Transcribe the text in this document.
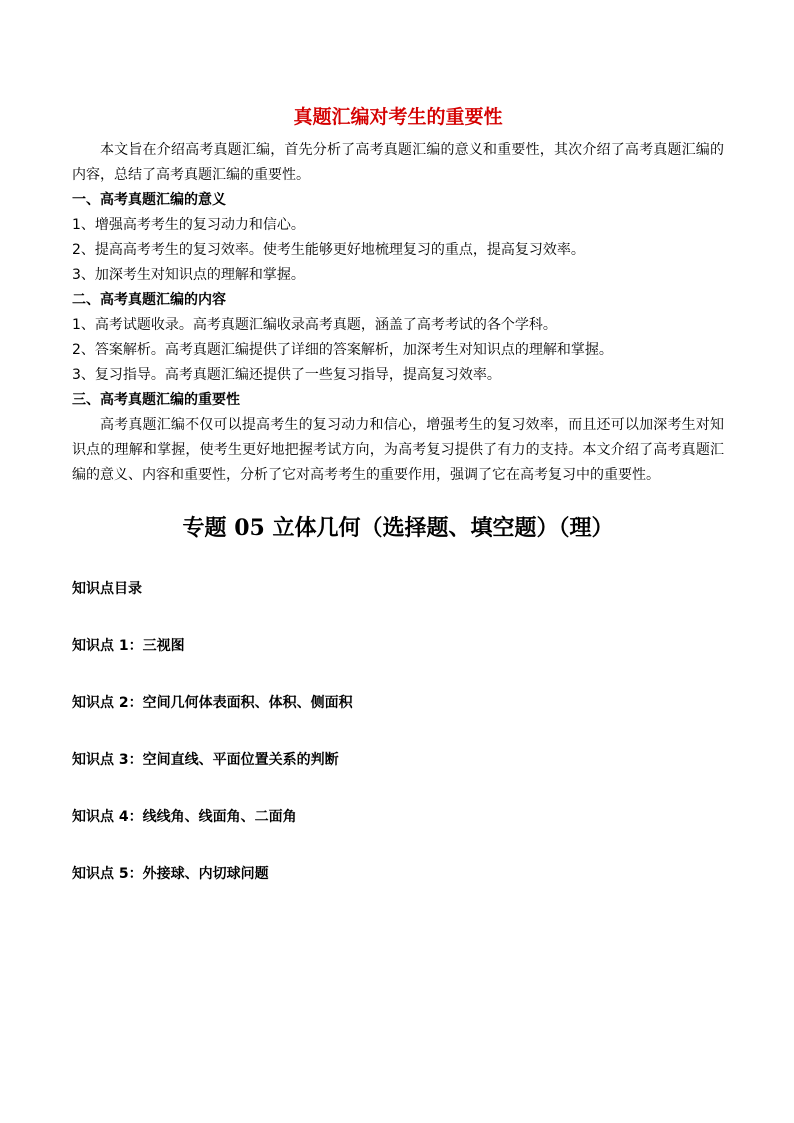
真题汇编对考生的重要性

本文旨在介绍高考真题汇编，首先分析了高考真题汇编的意义和重要性，其次介绍了高考真题汇编的内容，总结了高考真题汇编的重要性。

一、高考真题汇编的意义

1、增强高考考生的复习动力和信心。

2、提高高考考生的复习效率。使考生能够更好地梳理复习的重点，提高复习效率。

3、加深考生对知识点的理解和掌握。

二、高考真题汇编的内容

1、高考试题收录。高考真题汇编收录高考真题，涵盖了高考考试的各个学科。

2、答案解析。高考真题汇编提供了详细的答案解析，加深考生对知识点的理解和掌握。

3、复习指导。高考真题汇编还提供了一些复习指导，提高复习效率。

三、高考真题汇编的重要性

高考真题汇编不仅可以提高考生的复习动力和信心，增强考生的复习效率，而且还可以加深考生对知识点的理解和掌握，使考生更好地把握考试方向，为高考复习提供了有力的支持。本文介绍了高考真题汇编的意义、内容和重要性，分析了它对高考考生的重要作用，强调了它在高考复习中的重要性。

专题 05 立体几何（选择题、填空题）（理）

知识点目录

知识点 1：三视图

知识点 2：空间几何体表面积、体积、侧面积

知识点 3：空间直线、平面位置关系的判断

知识点 4：线线角、线面角、二面角

知识点 5：外接球、内切球问题
